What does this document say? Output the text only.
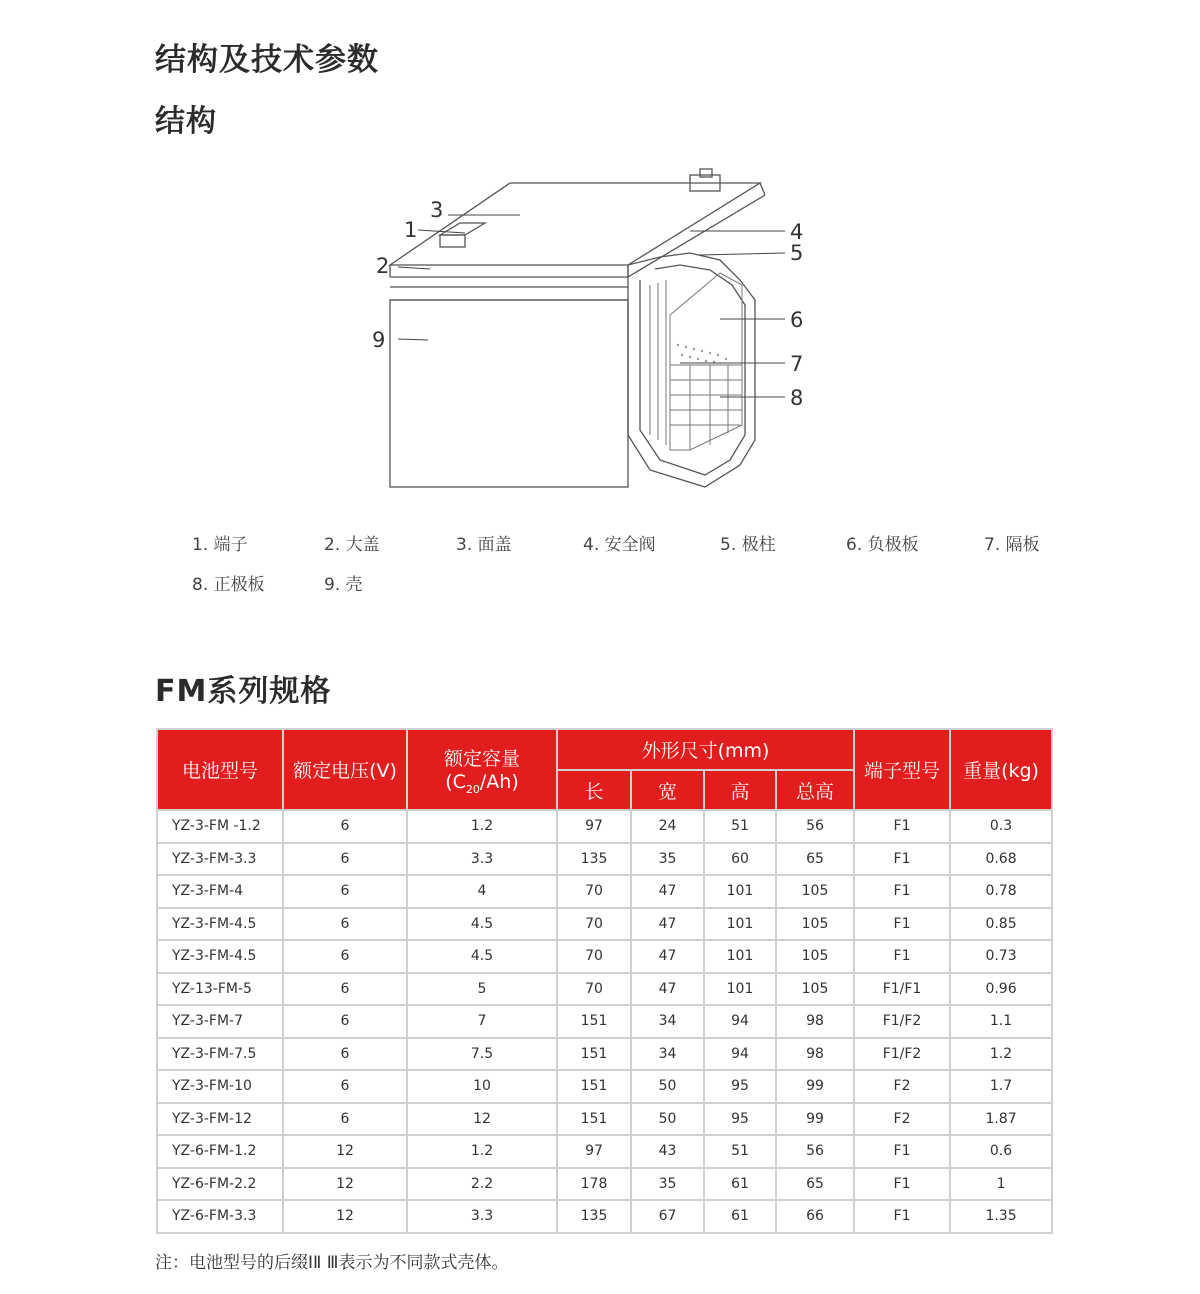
结构及技术参数
结构
3
1
2
4
5
6
7
8
9
1. 端子	2. 大盖	3. 面盖	4. 安全阀	5. 极柱	6. 负极板	7. 隔板
8. 正极板	9. 壳
FM系列规格
电池型号	额定电压(V)	额定容量
$(C_{20}/Ah)$	外形尺寸(mm)				端子型号	重量(kg)
			长	宽	高	总高		
YZ-3-FM -1.2	6	1.2	97	24	51	56	F1	0.3
YZ-3-FM-3.3	6	3.3	135	35	60	65	F1	0.68
YZ-3-FM-4	6	4	70	47	101	105	F1	0.78
YZ-3-FM-4.5	6	4.5	70	47	101	105	F1	0.85
YZ-3-FM-4.5	6	4.5	70	47	101	105	F1	0.73
YZ-13-FM-5	6	5	70	47	101	105	F1/F1	0.96
YZ-3-FM-7	6	7	151	34	94	98	F1/F2	1.1
YZ-3-FM-7.5	6	7.5	151	34	94	98	F1/F2	1.2
YZ-3-FM-10	6	10	151	50	95	99	F2	1.7
YZ-3-FM-12	6	12	151	50	95	99	F2	1.87
YZ-6-FM-1.2	12	1.2	97	43	51	56	F1	0.6
YZ-6-FM-2.2	12	2.2	178	35	61	65	F1	1
YZ-6-FM-3.3	12	3.3	135	67	61	66	F1	1.35
注：电池型号的后缀ⅠⅡ Ⅲ表示为不同款式壳体。
